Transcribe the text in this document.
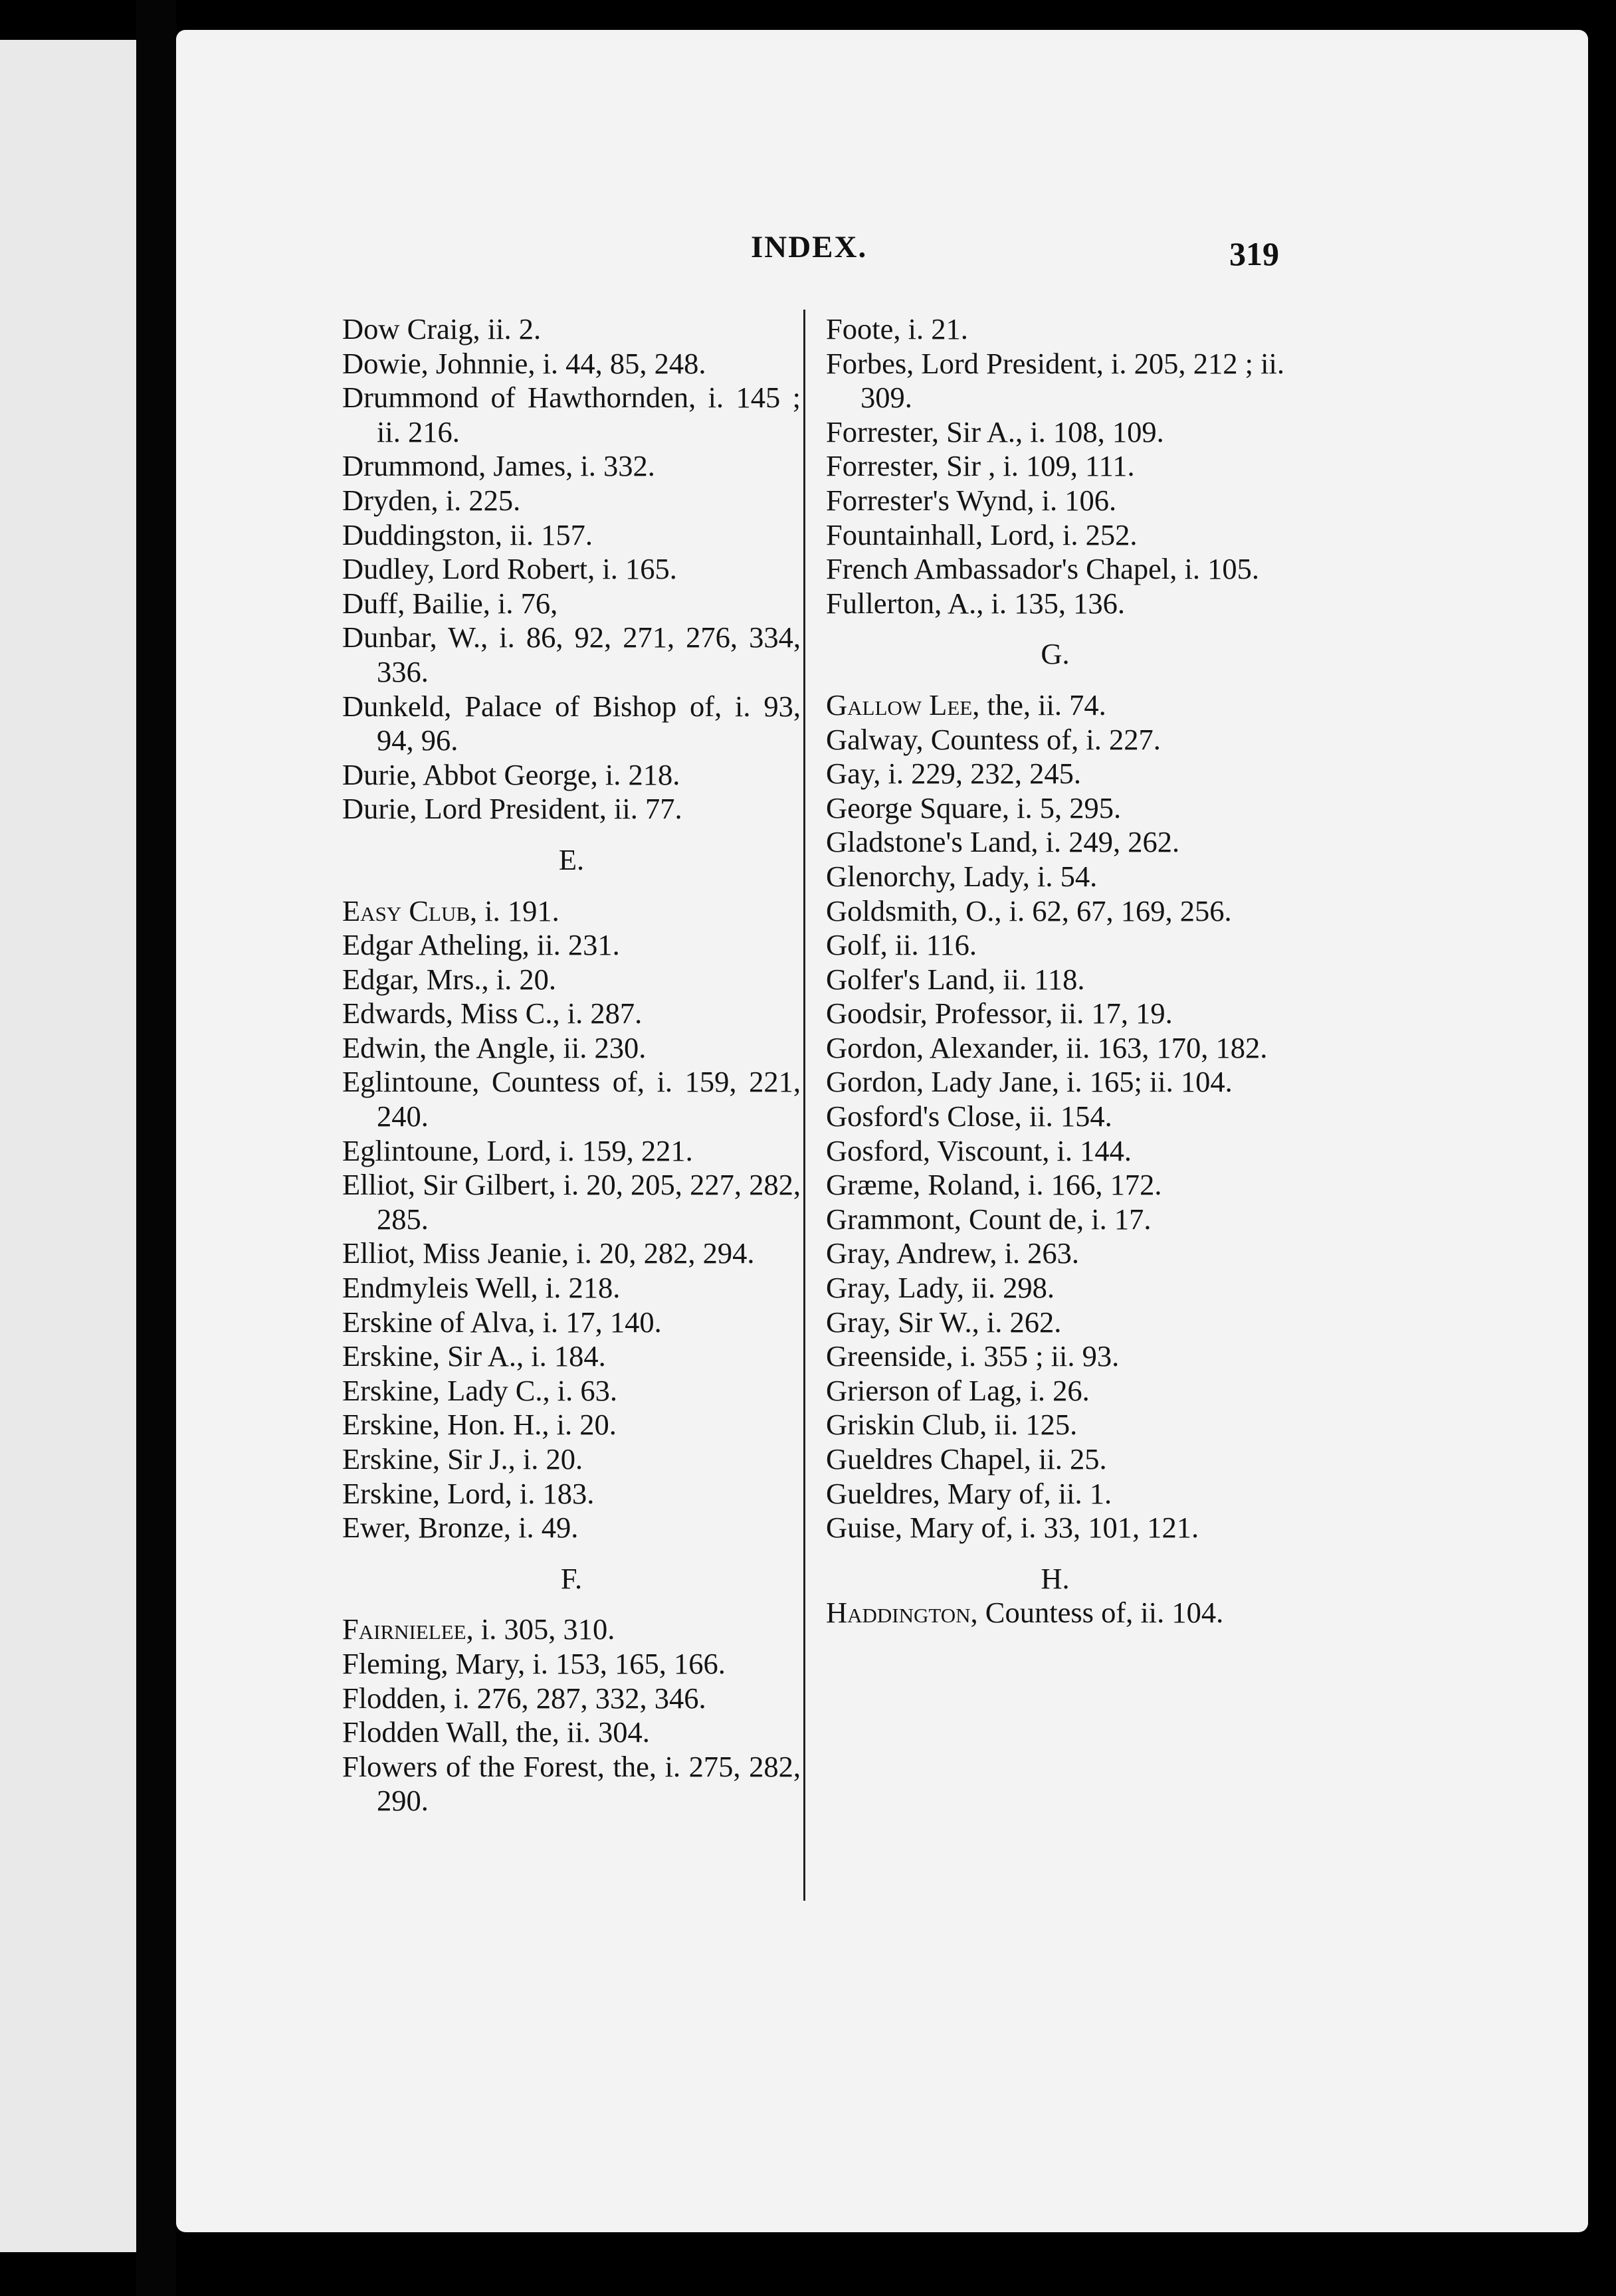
INDEX.	319
Dow Craig, ii. 2.
Dowie, Johnnie, i. 44, 85, 248.
Drummond of Hawthornden, i. 145 ; ii. 216.
Drummond, James, i. 332.
Dryden, i. 225.
Duddingston, ii. 157.
Dudley, Lord Robert, i. 165.
Duff, Bailie, i. 76,
Dunbar, W., i. 86, 92, 271, 276, 334, 336.
Dunkeld, Palace of Bishop of, i. 93, 94, 96.
Durie, Abbot George, i. 218.
Durie, Lord President, ii. 77.
E.
Easy Club, i. 191.
Edgar Atheling, ii. 231.
Edgar, Mrs., i. 20.
Edwards, Miss C., i. 287.
Edwin, the Angle, ii. 230.
Eglintoune, Countess of, i. 159, 221, 240.
Eglintoune, Lord, i. 159, 221.
Elliot, Sir Gilbert, i. 20, 205, 227, 282, 285.
Elliot, Miss Jeanie, i. 20, 282, 294.
Endmyleis Well, i. 218.
Erskine of Alva, i. 17, 140.
Erskine, Sir A., i. 184.
Erskine, Lady C., i. 63.
Erskine, Hon. H., i. 20.
Erskine, Sir J., i. 20.
Erskine, Lord, i. 183.
Ewer, Bronze, i. 49.
F.
Fairnielee, i. 305, 310.
Fleming, Mary, i. 153, 165, 166.
Flodden, i. 276, 287, 332, 346.
Flodden Wall, the, ii. 304.
Flowers of the Forest, the, i. 275, 282, 290.
Foote, i. 21.
Forbes, Lord President, i. 205, 212 ; ii. 309.
Forrester, Sir A., i. 108, 109.
Forrester, Sir , i. 109, 111.
Forrester's Wynd, i. 106.
Fountainhall, Lord, i. 252.
French Ambassador's Chapel, i. 105.
Fullerton, A., i. 135, 136.
G.
Gallow Lee, the, ii. 74.
Galway, Countess of, i. 227.
Gay, i. 229, 232, 245.
George Square, i. 5, 295.
Gladstone's Land, i. 249, 262.
Glenorchy, Lady, i. 54.
Goldsmith, O., i. 62, 67, 169, 256.
Golf, ii. 116.
Golfer's Land, ii. 118.
Goodsir, Professor, ii. 17, 19.
Gordon, Alexander, ii. 163, 170, 182.
Gordon, Lady Jane, i. 165; ii. 104.
Gosford's Close, ii. 154.
Gosford, Viscount, i. 144.
Græme, Roland, i. 166, 172.
Grammont, Count de, i. 17.
Gray, Andrew, i. 263.
Gray, Lady, ii. 298.
Gray, Sir W., i. 262.
Greenside, i. 355 ; ii. 93.
Grierson of Lag, i. 26.
Griskin Club, ii. 125.
Gueldres Chapel, ii. 25.
Gueldres, Mary of, ii. 1.
Guise, Mary of, i. 33, 101, 121.
H.
Haddington, Countess of, ii. 104.
